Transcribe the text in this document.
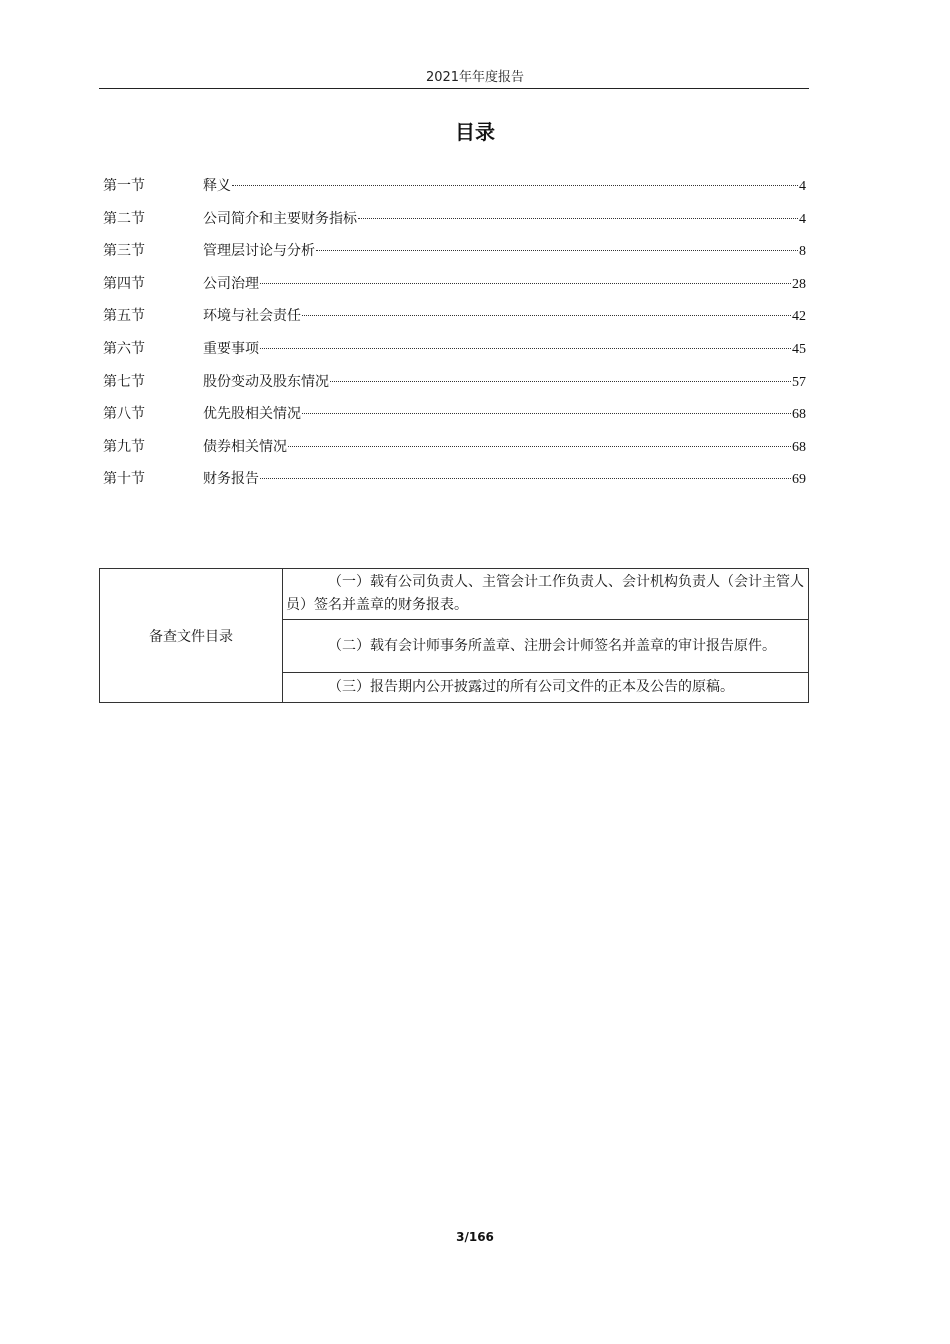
2021年年度报告
目录
第一节	释义	4
第二节	公司简介和主要财务指标	4
第三节	管理层讨论与分析	8
第四节	公司治理	28
第五节	环境与社会责任	42
第六节	重要事项	45
第七节	股份变动及股东情况	57
第八节	优先股相关情况	68
第九节	债券相关情况	68
第十节	财务报告	69
备查文件目录	（一）载有公司负责人、主管会计工作负责人、会计机构负责人（会计主管人员）签名并盖章的财务报表。
（二）载有会计师事务所盖章、注册会计师签名并盖章的审计报告原件。
（三）报告期内公开披露过的所有公司文件的正本及公告的原稿。
3/166
